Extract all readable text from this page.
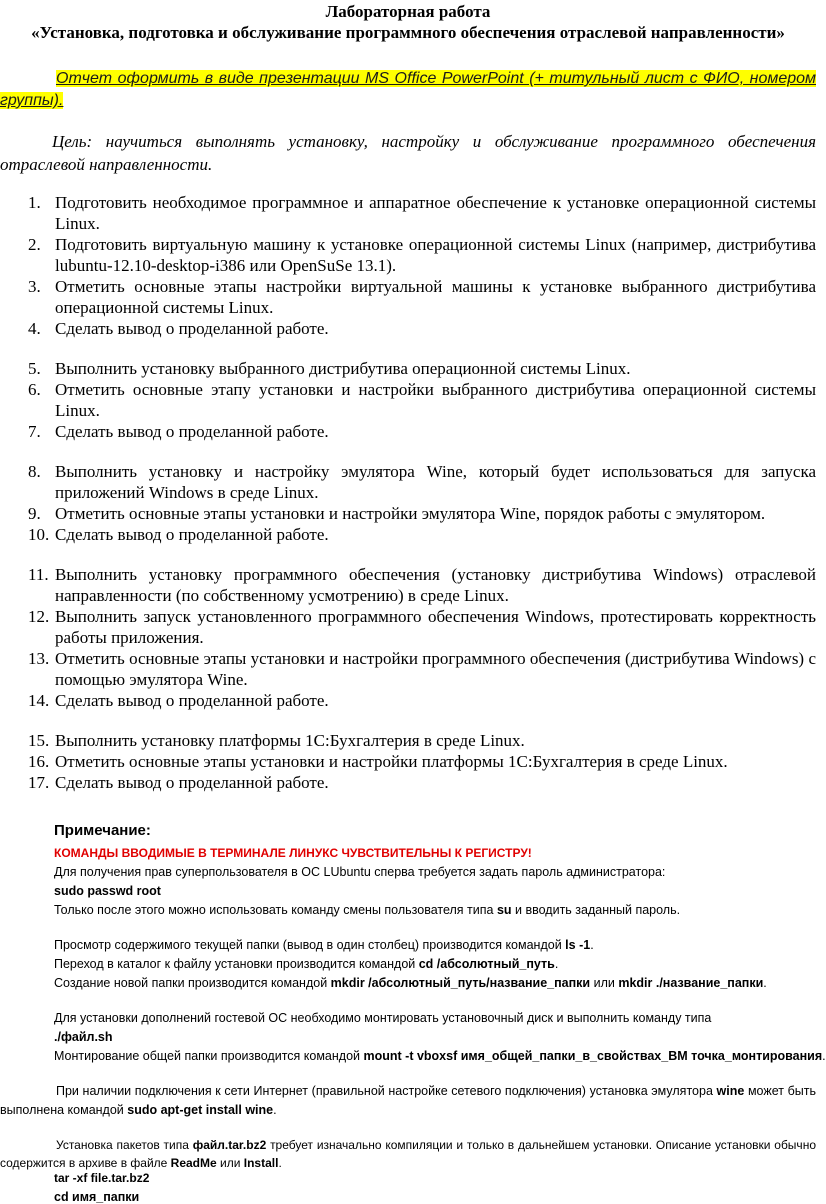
Лабораторная работа

«Установка, подготовка и обслуживание программного обеспечения отраслевой направленности»

Отчет оформить в виде презентации MS Office PowerPoint (+ титульный лист с ФИО, номером группы).
Цель: научиться выполнять установку, настройку и обслуживание программного обеспечения отраслевой направленности.
1. Подготовить необходимое программное и аппаратное обеспечение к установке операционной системы Linux.
2. Подготовить виртуальную машину к установке операционной системы Linux (например, дистрибутива lubuntu-12.10-desktop-i386 или OpenSuSe 13.1).
3. Отметить основные этапы настройки виртуальной машины к установке выбранного дистрибутива операционной системы Linux.
4. Сделать вывод о проделанной работе.
5. Выполнить установку выбранного дистрибутива операционной системы Linux.
6. Отметить основные этапу установки и настройки выбранного дистрибутива операционной системы Linux.
7. Сделать вывод о проделанной работе.
8. Выполнить установку и настройку эмулятора Wine, который будет использоваться для запуска приложений Windows в среде Linux.
9. Отметить основные этапы установки и настройки эмулятора Wine, порядок работы с эмулятором.
10. Сделать вывод о проделанной работе.
11. Выполнить установку программного обеспечения (установку дистрибутива Windows) отраслевой направленности (по собственному усмотрению) в среде Linux.
12. Выполнить запуск установленного программного обеспечения Windows, протестировать корректность работы приложения.
13. Отметить основные этапы установки и настройки программного обеспечения (дистрибутива Windows) с помощью эмулятора Wine.
14. Сделать вывод о проделанной работе.
15. Выполнить установку платформы 1С:Бухгалтерия в среде Linux.
16. Отметить основные этапы установки и настройки платформы 1С:Бухгалтерия в среде Linux.
17. Сделать вывод о проделанной работе.
Примечание:
КОМАНДЫ ВВОДИМЫЕ В ТЕРМИНАЛЕ ЛИНУКС ЧУВСТВИТЕЛЬНЫ К РЕГИСТРУ!
Для получения прав суперпользователя в ОС LUbuntu сперва требуется задать пароль администратора:
sudo passwd root
Только после этого можно использовать команду смены пользователя типа su и вводить заданный пароль.
Просмотр содержимого текущей папки (вывод в один столбец) производится командой ls -1.
Переход в каталог к файлу установки производится командой cd /абсолютный_путь.
Создание новой папки производится командой mkdir /абсолютный_путь/название_папки или mkdir ./название_папки.
Для установки дополнений гостевой ОС необходимо монтировать установочный диск и выполнить команду типа
./файл.sh
Монтирование общей папки производится командой mount -t vboxsf имя_общей_папки_в_свойствах_ВМ точка_монтирования.
При наличии подключения к сети Интернет (правильной настройке сетевого подключения) установка эмулятора wine может быть выполнена командой sudo apt-get install wine.
Установка пакетов типа файл.tar.bz2 требует изначально компиляции и только в дальнейшем установки. Описание установки обычно содержится в архиве в файле ReadMe или Install.
tar -xf file.tar.bz2
cd имя_папки
